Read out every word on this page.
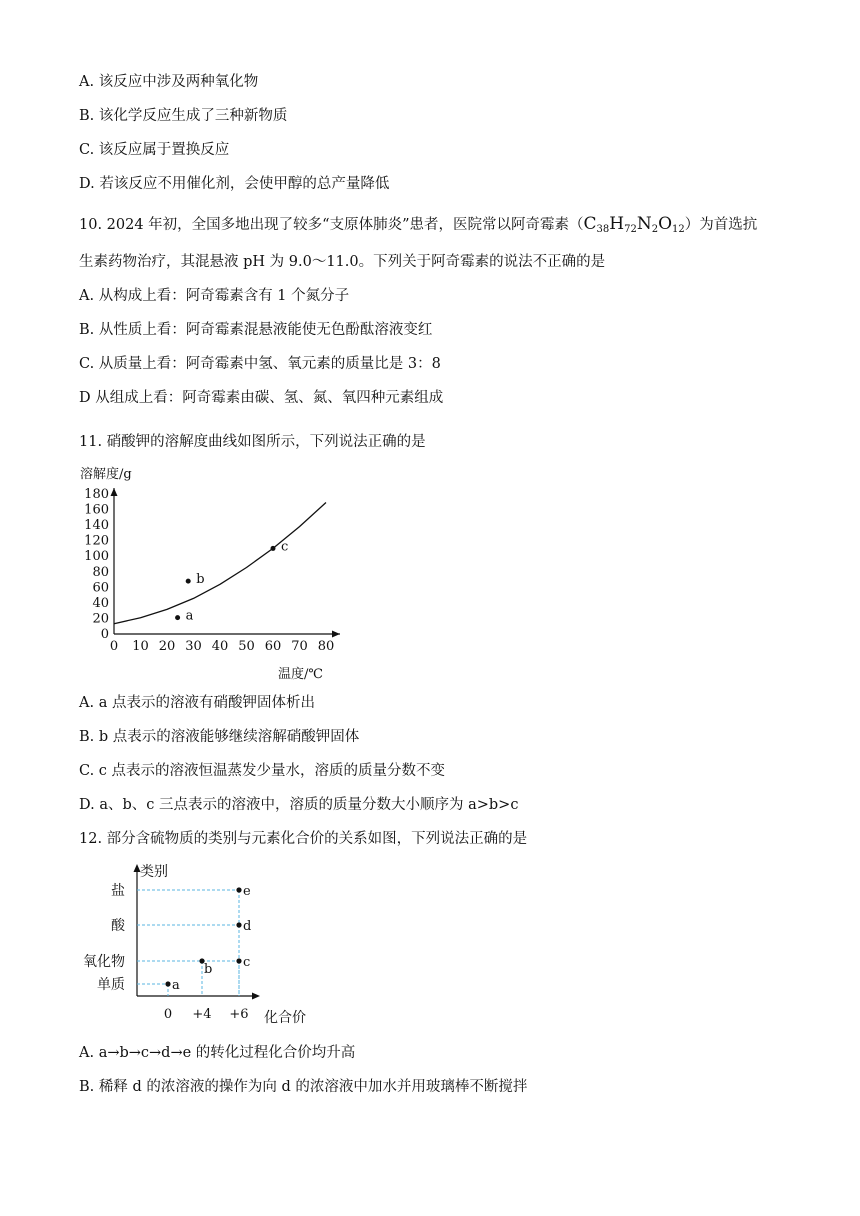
A. 该反应中涉及两种氧化物
B. 该化学反应生成了三种新物质
C. 该反应属于置换反应
D. 若该反应不用催化剂，会使甲醇的总产量降低
10. 2024 年初，全国多地出现了较多“支原体肺炎”患者，医院常以阿奇霉素$(C_{38}H_{72}N_2O_{12})$为首选抗
生素药物治疗，其混悬液 pH 为 9.0～11.0。下列关于阿奇霉素的说法不正确的是
A. 从构成上看：阿奇霉素含有 1 个氮分子
B. 从性质上看：阿奇霉素混悬液能使无色酚酞溶液变红
C. 从质量上看：阿奇霉素中氢、氧元素的质量比是 3：8
D 从组成上看：阿奇霉素由碳、氢、氮、氧四种元素组成
11. 硝酸钾的溶解度曲线如图所示，下列说法正确的是
溶解度/g
温度/℃
0
20
40
60
80
100
120
140
160
180
0 10 20 30 40 50 60 70 80
a
b
c
A. a 点表示的溶液有硝酸钾固体析出
B. b 点表示的溶液能够继续溶解硝酸钾固体
C. c 点表示的溶液恒温蒸发少量水，溶质的质量分数不变
D. a、b、c 三点表示的溶液中，溶质的质量分数大小顺序为 a>b>c
12. 部分含硫物质的类别与元素化合价的关系如图，下列说法正确的是
类别
化合价
单质
氧化物
酸
盐
0 +4 +6
a
b c
d
e
A. a→b→c→d→e 的转化过程化合价均升高
B. 稀释 d 的浓溶液的操作为向 d 的浓溶液中加水并用玻璃棒不断搅拌
